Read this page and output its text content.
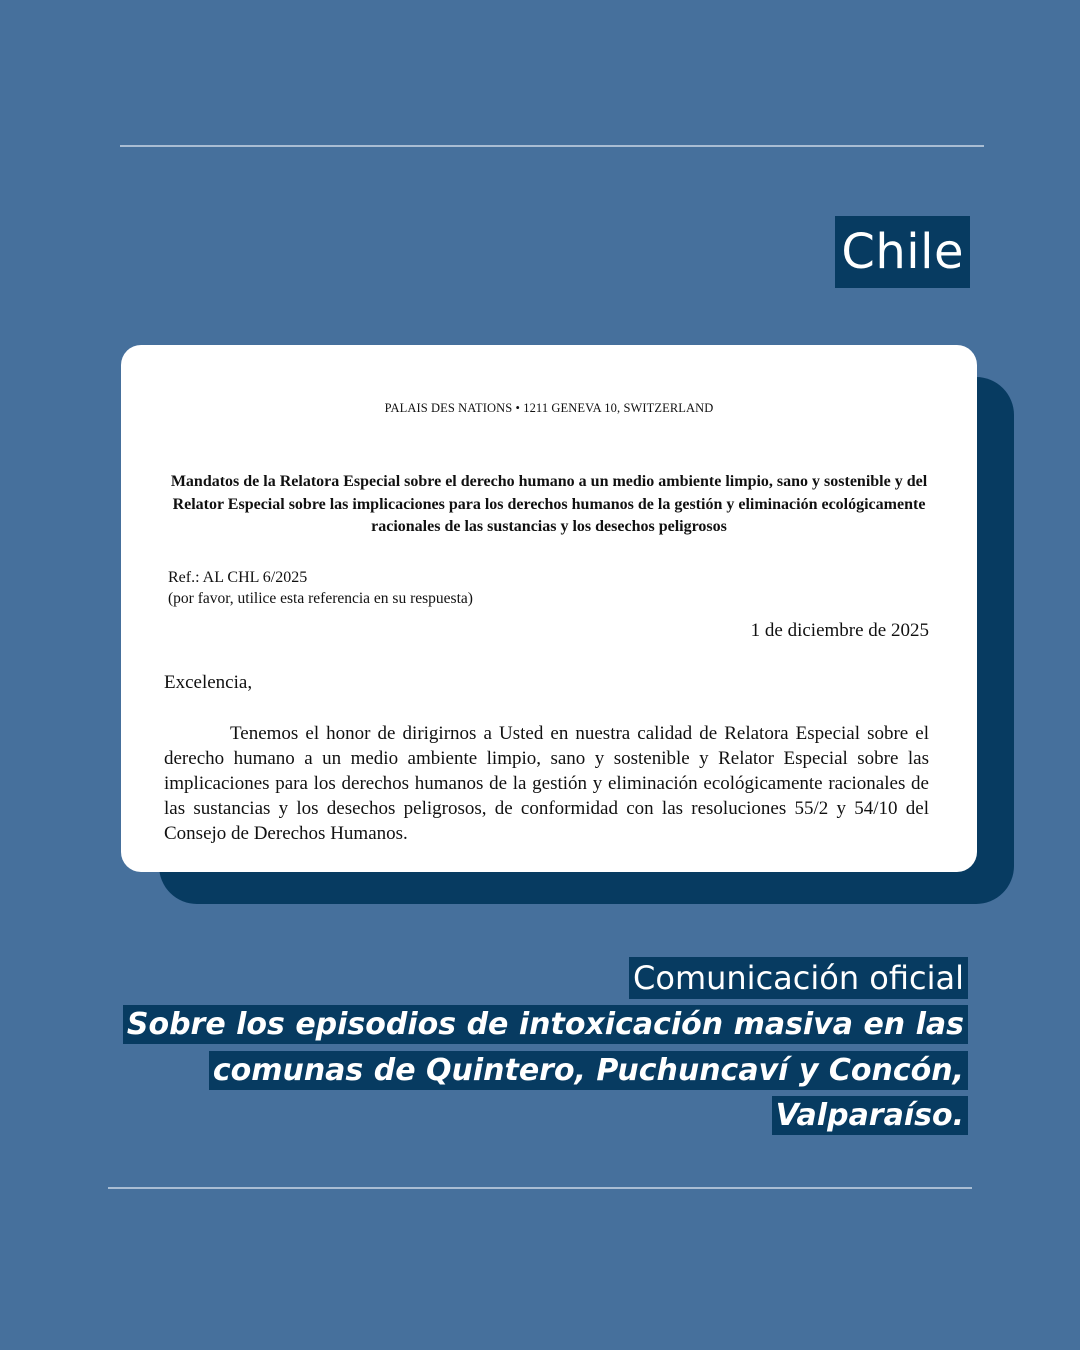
Chile
PALAIS DES NATIONS • 1211 GENEVA 10, SWITZERLAND
Mandatos de la Relatora Especial sobre el derecho humano a un medio ambiente limpio, sano y sostenible y del Relator Especial sobre las implicaciones para los derechos humanos de la gestión y eliminación ecológicamente racionales de las sustancias y los desechos peligrosos
Ref.: AL CHL 6/2025
(por favor, utilice esta referencia en su respuesta)
1 de diciembre de 2025
Excelencia,
Tenemos el honor de dirigirnos a Usted en nuestra calidad de Relatora Especial sobre el derecho humano a un medio ambiente limpio, sano y sostenible y Relator Especial sobre las implicaciones para los derechos humanos de la gestión y eliminación ecológicamente racionales de las sustancias y los desechos peligrosos, de conformidad con las resoluciones 55/2 y 54/10 del Consejo de Derechos Humanos.
Comunicación oficial
Sobre los episodios de intoxicación masiva en las comunas de Quintero, Puchuncaví y Concón, Valparaíso.
